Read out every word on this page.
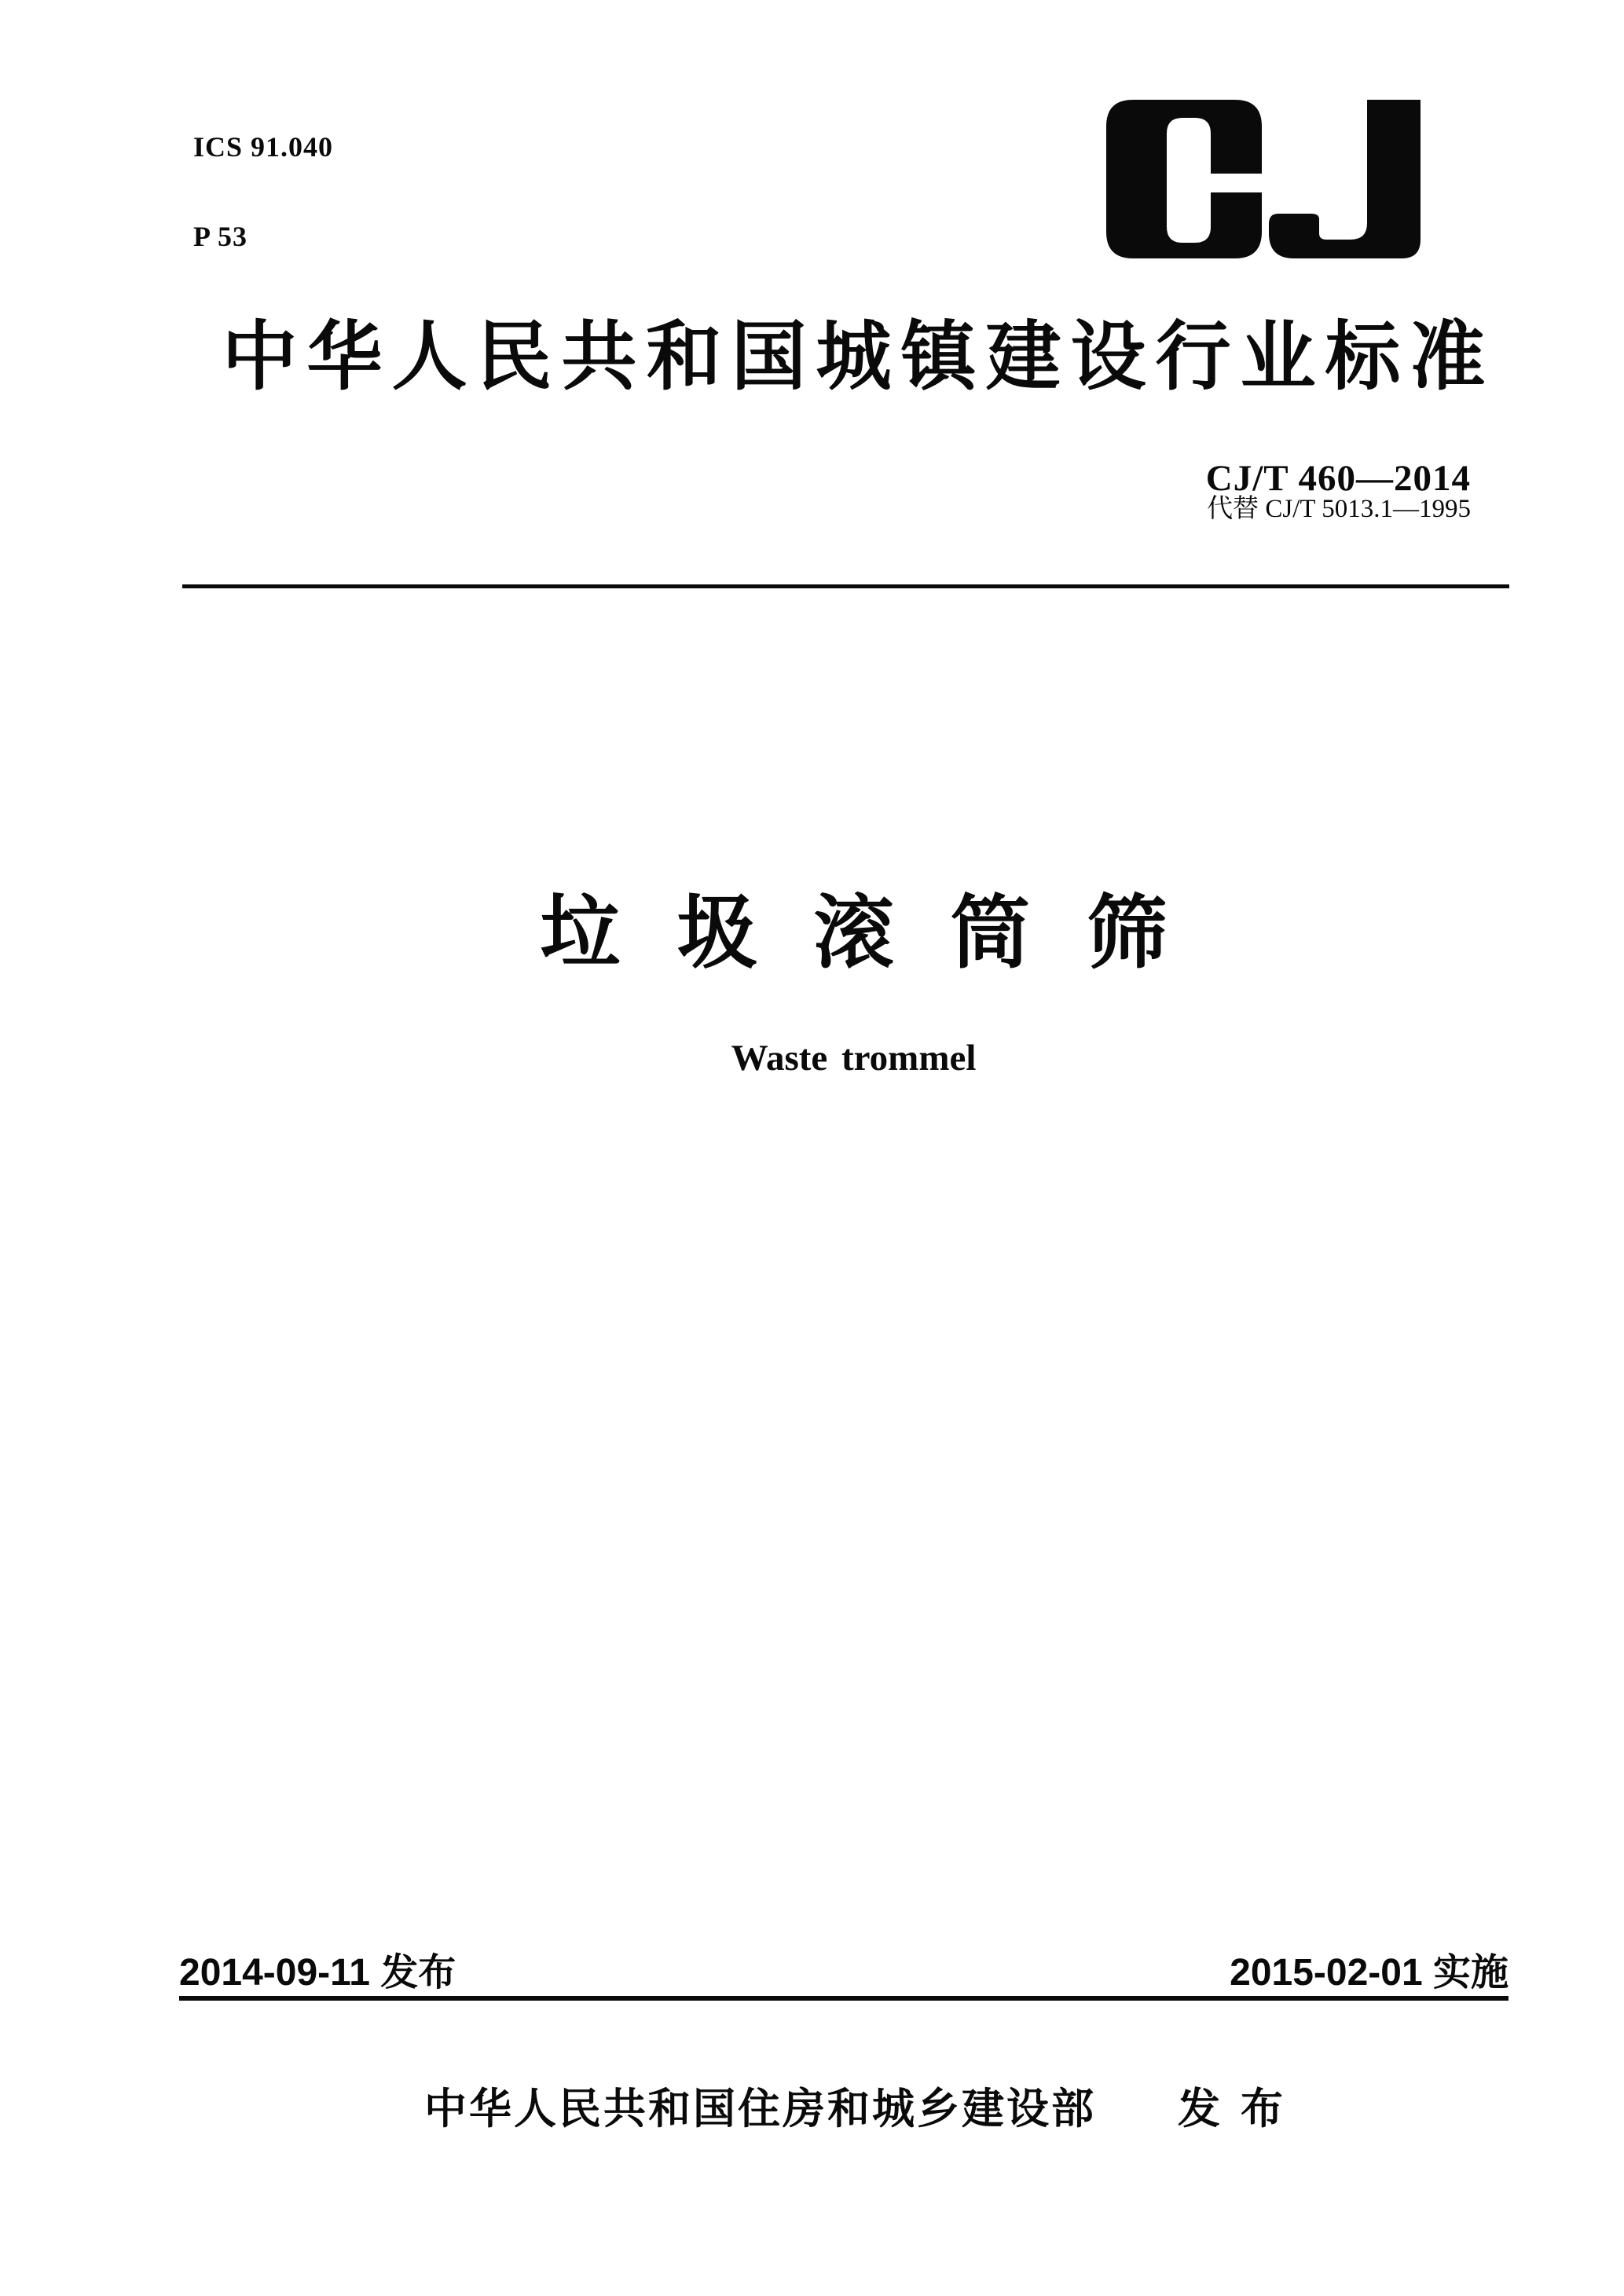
ICS 91.040

P 53

中华人民共和国城镇建设行业标准
CJ/T 460—2014
代替 CJ/T 5013.1—1995
垃圾滚筒筛
Waste trommel
2014-09-11 发布	2015-02-01 实施
中华人民共和国住房和城乡建设部 发布
